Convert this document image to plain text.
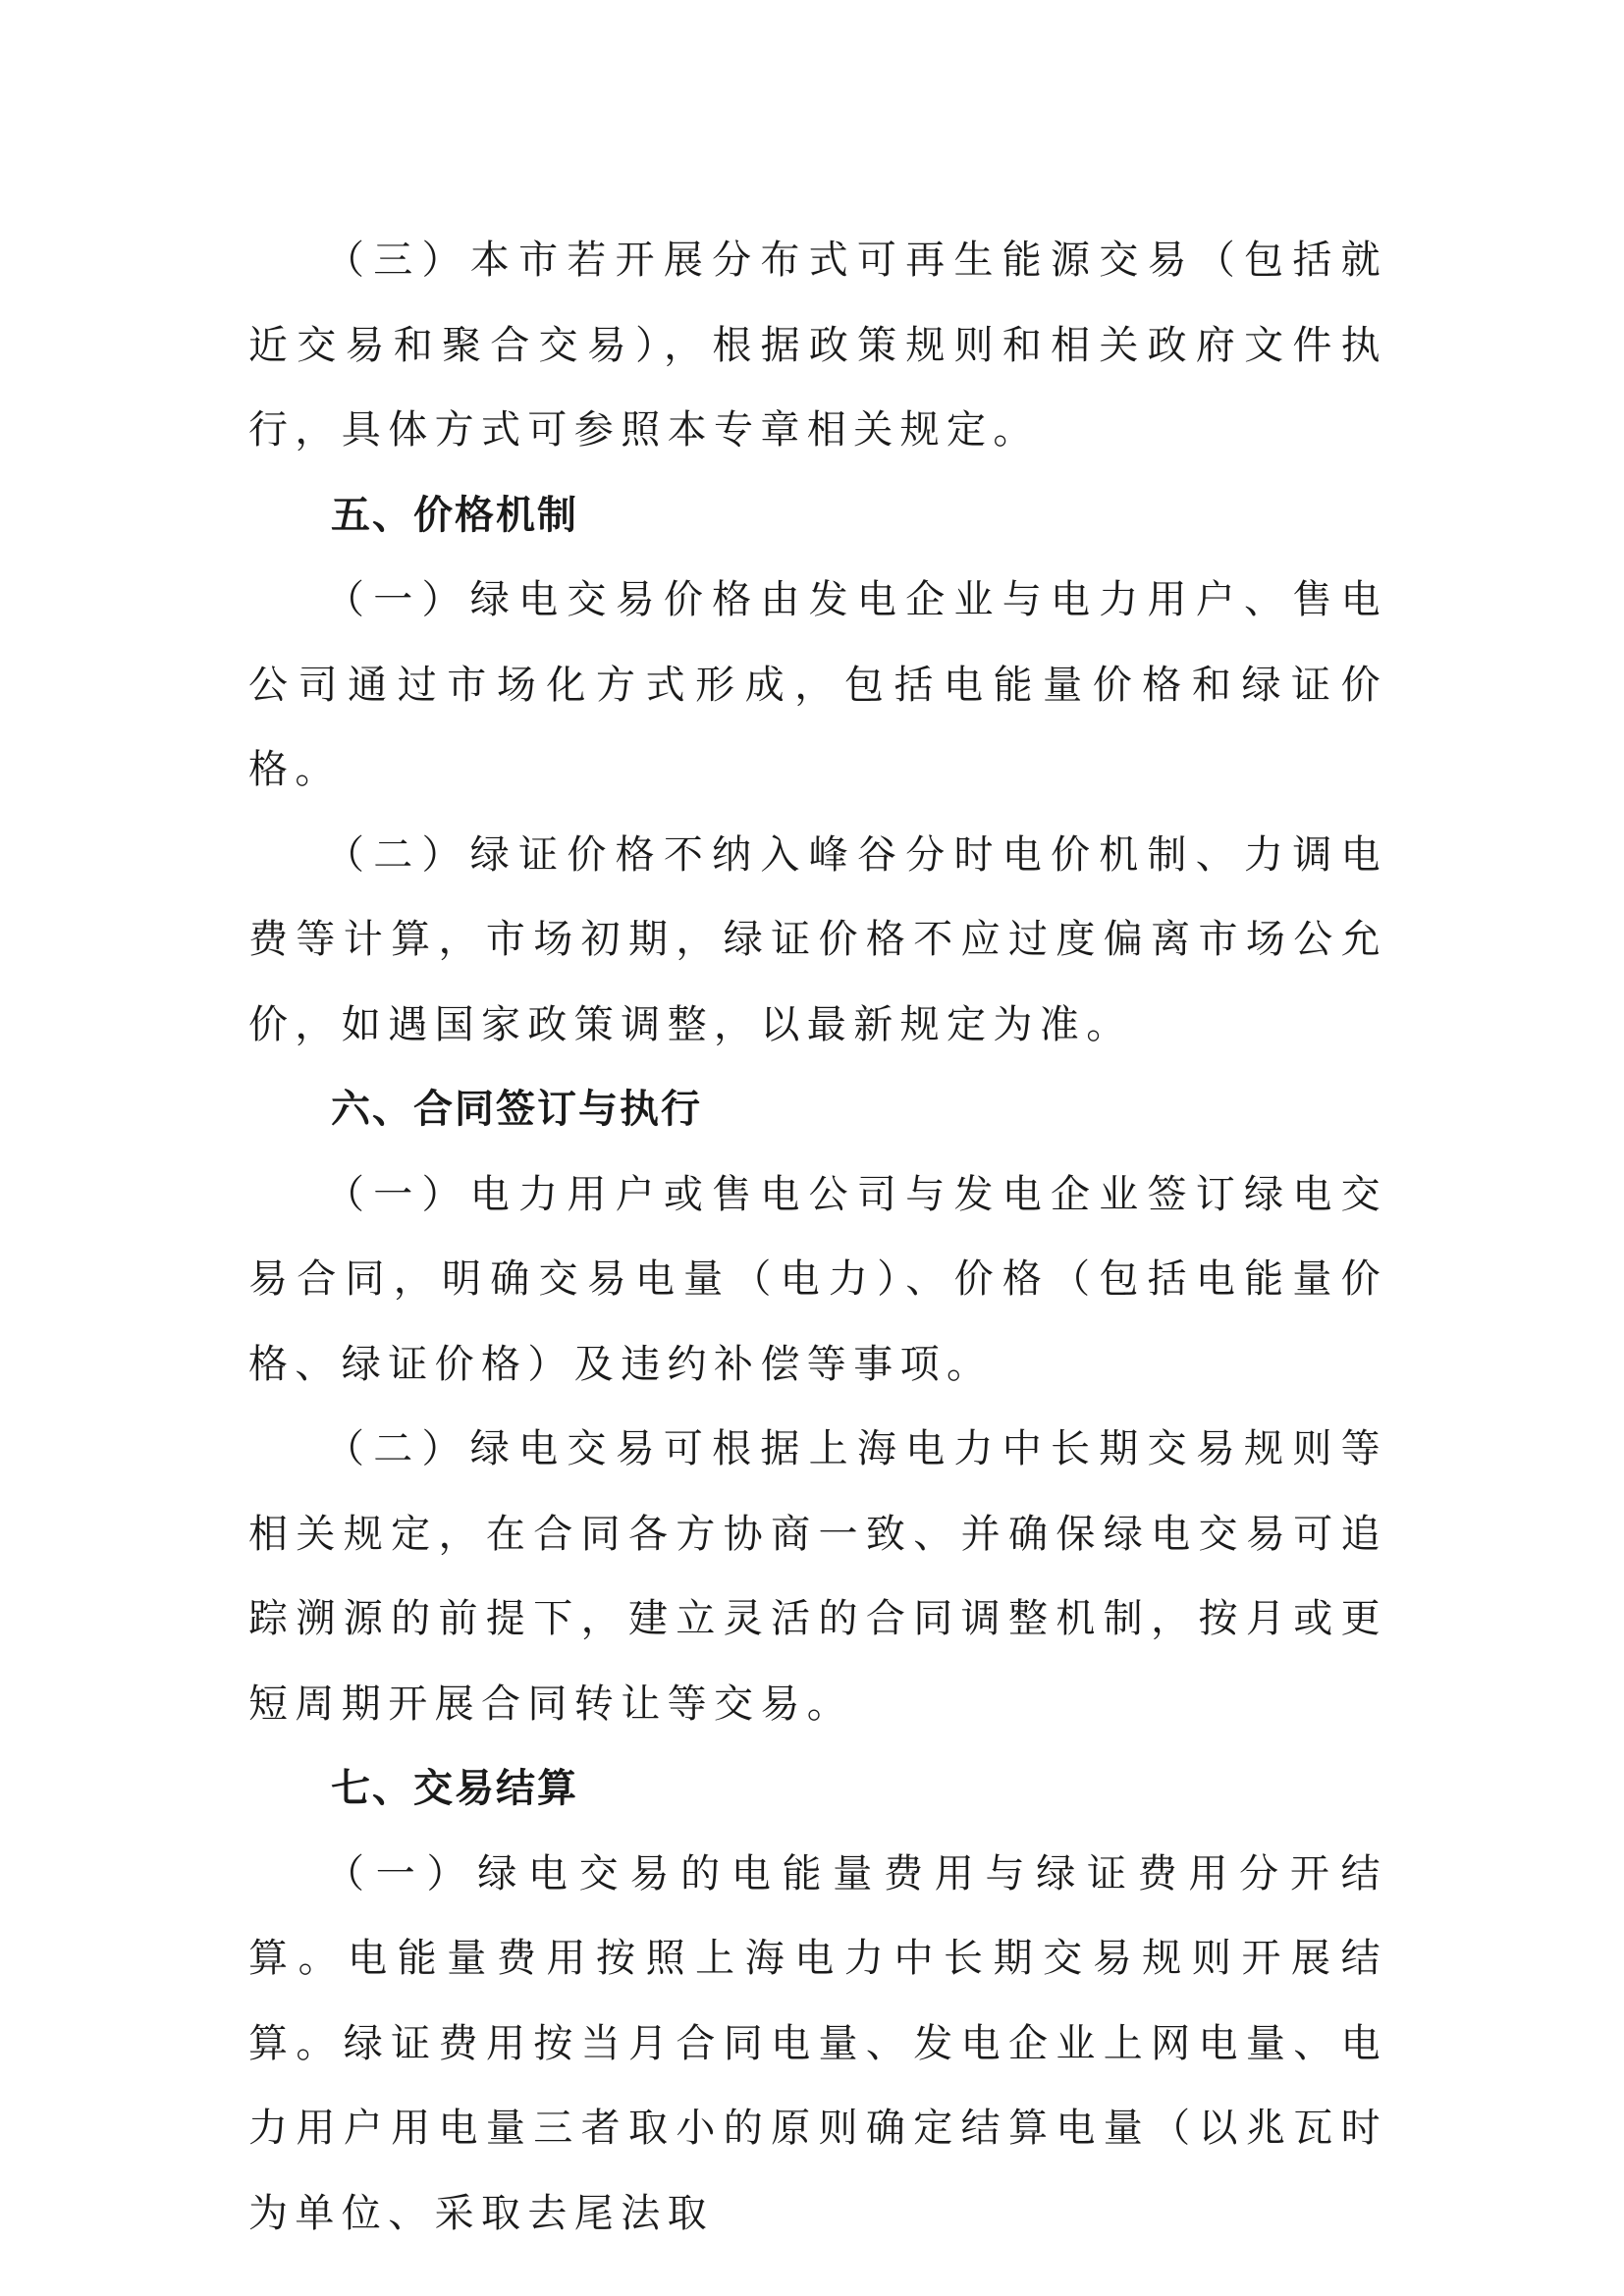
（三）本市若开展分布式可再生能源交易（包括就近交易和聚合交易），根据政策规则和相关政府文件执行，具体方式可参照本专章相关规定。

五、价格机制

（一）绿电交易价格由发电企业与电力用户、售电公司通过市场化方式形成，包括电能量价格和绿证价格。

（二）绿证价格不纳入峰谷分时电价机制、力调电费等计算，市场初期，绿证价格不应过度偏离市场公允价，如遇国家政策调整，以最新规定为准。

六、合同签订与执行

（一）电力用户或售电公司与发电企业签订绿电交易合同，明确交易电量（电力）、价格（包括电能量价格、绿证价格）及违约补偿等事项。

（二）绿电交易可根据上海电力中长期交易规则等相关规定，在合同各方协商一致、并确保绿电交易可追踪溯源的前提下，建立灵活的合同调整机制，按月或更短周期开展合同转让等交易。

七、交易结算

（一）绿电交易的电能量费用与绿证费用分开结算。电能量费用按照上海电力中长期交易规则开展结算。绿证费用按当月合同电量、发电企业上网电量、电力用户用电量三者取小的原则确定结算电量（以兆瓦时为单位、采取去尾法取
